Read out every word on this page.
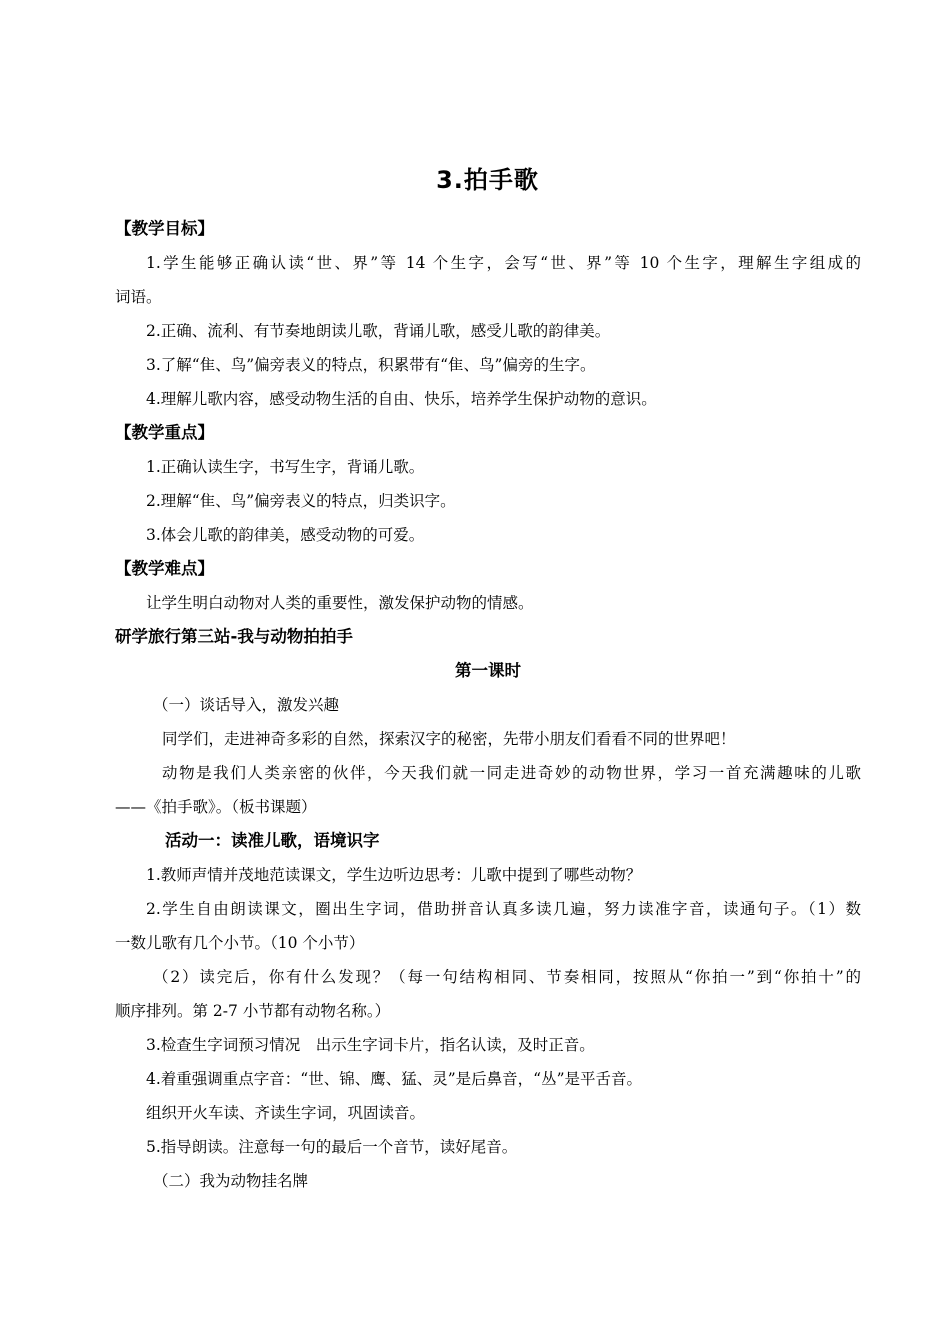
3.拍手歌

【教学目标】

1.学生能够正确认读“世、界”等 14 个生字，会写“世、界”等 10 个生字，理解生字组成的

词语。

2.正确、流利、有节奏地朗读儿歌，背诵儿歌，感受儿歌的韵律美。

3.了解“隹、鸟”偏旁表义的特点，积累带有“隹、鸟”偏旁的生字。

4.理解儿歌内容，感受动物生活的自由、快乐，培养学生保护动物的意识。

【教学重点】

1.正确认读生字，书写生字，背诵儿歌。

2.理解“隹、鸟”偏旁表义的特点，归类识字。

3.体会儿歌的韵律美，感受动物的可爱。

【教学难点】

让学生明白动物对人类的重要性，激发保护动物的情感。

研学旅行第三站-我与动物拍拍手

第一课时

（一）谈话导入，激发兴趣

同学们，走进神奇多彩的自然，探索汉字的秘密，先带小朋友们看看不同的世界吧！

动物是我们人类亲密的伙伴，今天我们就一同走进奇妙的动物世界，学习一首充满趣味的儿歌

——《拍手歌》。（板书课题）

活动一：读准儿歌，语境识字

1.教师声情并茂地范读课文，学生边听边思考：儿歌中提到了哪些动物？

2.学生自由朗读课文，圈出生字词，借助拼音认真多读几遍，努力读准字音，读通句子。（1）数

一数儿歌有几个小节。（10 个小节）

（2）读完后，你有什么发现？（每一句结构相同、节奏相同，按照从“你拍一”到“你拍十”的

顺序排列。第 2-7 小节都有动物名称。）

3.检查生字词预习情况　出示生字词卡片，指名认读，及时正音。

4.着重强调重点字音：“世、锦、鹰、猛、灵”是后鼻音，“丛”是平舌音。

组织开火车读、齐读生字词，巩固读音。

5.指导朗读。注意每一句的最后一个音节，读好尾音。

（二）我为动物挂名牌
